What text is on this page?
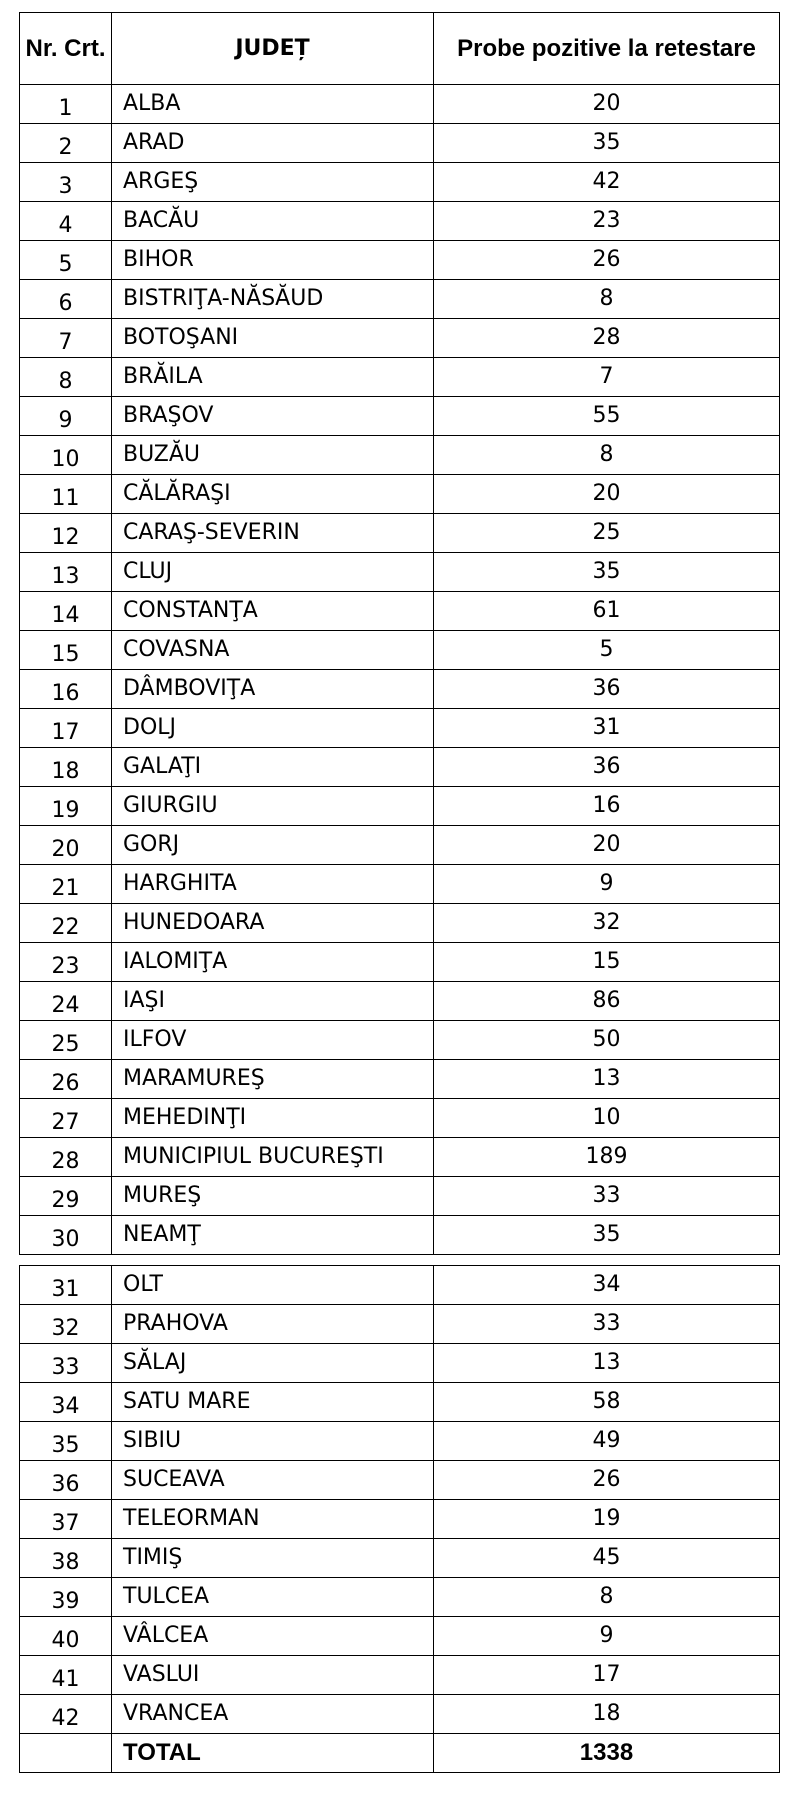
Nr. Crt.	JUDEȚ	Probe pozitive la retestare
1	ALBA	20
2	ARAD	35
3	ARGEŞ	42
4	BACĂU	23
5	BIHOR	26
6	BISTRIŢA-NĂSĂUD	8
7	BOTOŞANI	28
8	BRĂILA	7
9	BRAŞOV	55
10	BUZĂU	8
11	CĂLĂRAŞI	20
12	CARAŞ-SEVERIN	25
13	CLUJ	35
14	CONSTANŢA	61
15	COVASNA	5
16	DÂMBOVIŢA	36
17	DOLJ	31
18	GALAŢI	36
19	GIURGIU	16
20	GORJ	20
21	HARGHITA	9
22	HUNEDOARA	32
23	IALOMIŢA	15
24	IAŞI	86
25	ILFOV	50
26	MARAMUREŞ	13
27	MEHEDINŢI	10
28	MUNICIPIUL BUCUREŞTI	189
29	MUREŞ	33
30	NEAMŢ	35

31	OLT	34
32	PRAHOVA	33
33	SĂLAJ	13
34	SATU MARE	58
35	SIBIU	49
36	SUCEAVA	26
37	TELEORMAN	19
38	TIMIŞ	45
39	TULCEA	8
40	VÂLCEA	9
41	VASLUI	17
42	VRANCEA	18
	TOTAL	1338
